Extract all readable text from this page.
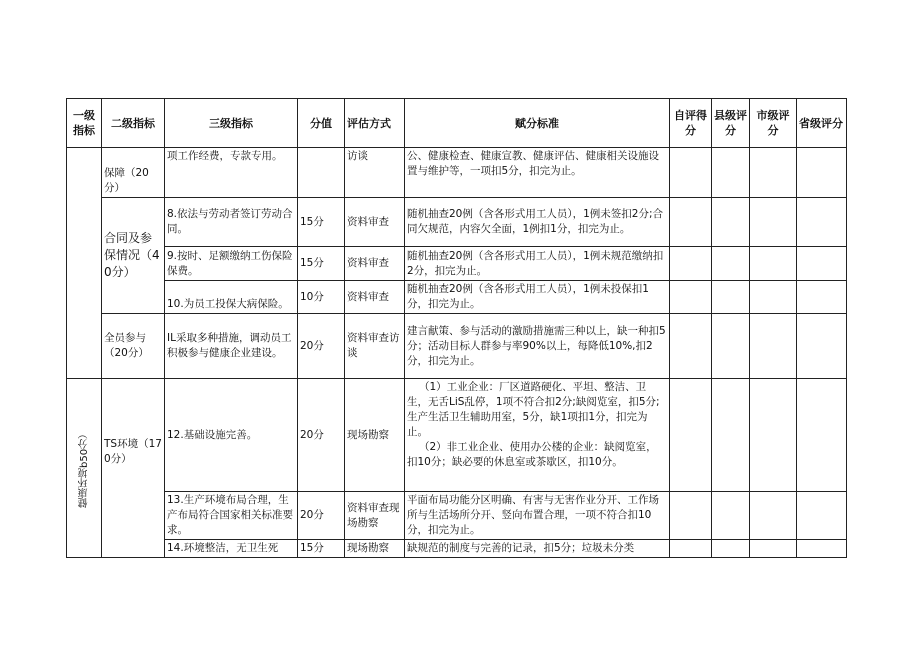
一级指标	二级指标	三级指标	分值	评估方式	赋分标准	自评得分	县级评分	市级评分	省级评分
	保障（20分）	项工作经费，专款专用。		访谈	公、健康检查、健康宣教、健康评估、健康相关设施设置与维护等，一项扣5分，扣完为止。				
	合同及参保情况（40分）	8.依法与劳动者签订劳动合同。	15分	资料审查	随机抽查20例（含各形式用工人员），1例未签扣2分;合同欠规范，内容欠全面，1例扣1分，扣完为止。				
		9.按时、足额缴纳工伤保险保费。	15分	资料审查	随机抽查20例（含各形式用工人员），1例未规范缴纳扣2分，扣完为止。				
		10.为员工投保大病保险。	10分	资料审查	随机抽查20例（含各形式用工人员），1例未投保扣1分，扣完为止。				
	全员参与（20分）	IL采取多种措施，调动员工积极参与健康企业建设。	20分	资料审查访谈	建言献策、参与活动的激励措施需三种以上，缺一种扣5分；活动目标人群参与率90%以上，每降低10%,扣2分，扣完为止。				
健康环境b50分）	TS环境（170分）	12.基础设施完善。	20分	现场勘察	（1）工业企业：厂区道路硬化、平坦、整洁、卫生，无舌LiS乱停，1项不符合扣2分;缺阅览室，扣5分;生产生活卫生辅助用室，5分，缺1项扣1分，扣完为止。
（2）非工业企业、使用办公楼的企业：缺阅览室，扣10分；缺必要的休息室或茶歇区，扣10分。				

		13.生产环境布局合理，生产布局符合国家相关标准要求。	20分	资料审查现场勘察	平面布局功能分区明确、有害与无害作业分开、工作场所与生活场所分开、竖向布置合理，一项不符合扣10分，扣完为止。				
		14.环境整洁，无卫生死	15分	现场勘察	缺规范的制度与完善的记录，扣5分；垃圾未分类				
